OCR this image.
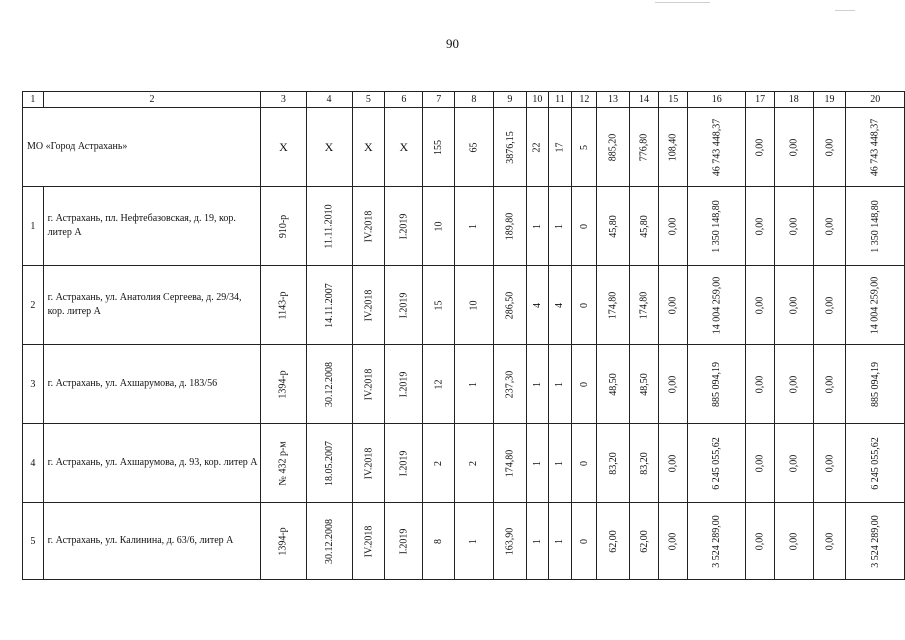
90
1	2	3	4	5	6	7	8	9	10	11	12	13	14	15	16	17	18	19	20
МО «Город Астрахань»		Х	Х	Х	Х	155	65	3876,15	22	17	5	885,20	776,80	108,40	46 743 448,37	0,00	0,00	0,00	46 743 448,37
1	г. Астрахань, пл. Нефтебазовская, д. 19, кор. литер А	910-р	11.11.2010	IV.2018	I.2019	10	1	189,80	1	1	0	45,80	45,80	0,00	1 350 148,80	0,00	0,00	0,00	1 350 148,80
2	г. Астрахань, ул. Анатолия Сергеева, д. 29/34, кор. литер А	1143-р	14.11.2007	IV.2018	I.2019	15	10	286,50	4	4	0	174,80	174,80	0,00	14 004 259,00	0,00	0,00	0,00	14 004 259,00
3	г. Астрахань, ул. Ахшарумова, д. 183/56	1394-р	30.12.2008	IV.2018	I.2019	12	1	237,30	1	1	0	48,50	48,50	0,00	885 094,19	0,00	0,00	0,00	885 094,19
4	г. Астрахань, ул. Ахшарумова, д. 93, кор. литер А	№ 432 р-м	18.05.2007	IV.2018	I.2019	2	2	174,80	1	1	0	83,20	83,20	0,00	6 245 055,62	0,00	0,00	0,00	6 245 055,62
5	г. Астрахань, ул. Калинина, д. 63/6, литер А	1394-р	30.12.2008	IV.2018	I.2019	8	1	163,90	1	1	0	62,00	62,00	0,00	3 524 289,00	0,00	0,00	0,00	3 524 289,00
